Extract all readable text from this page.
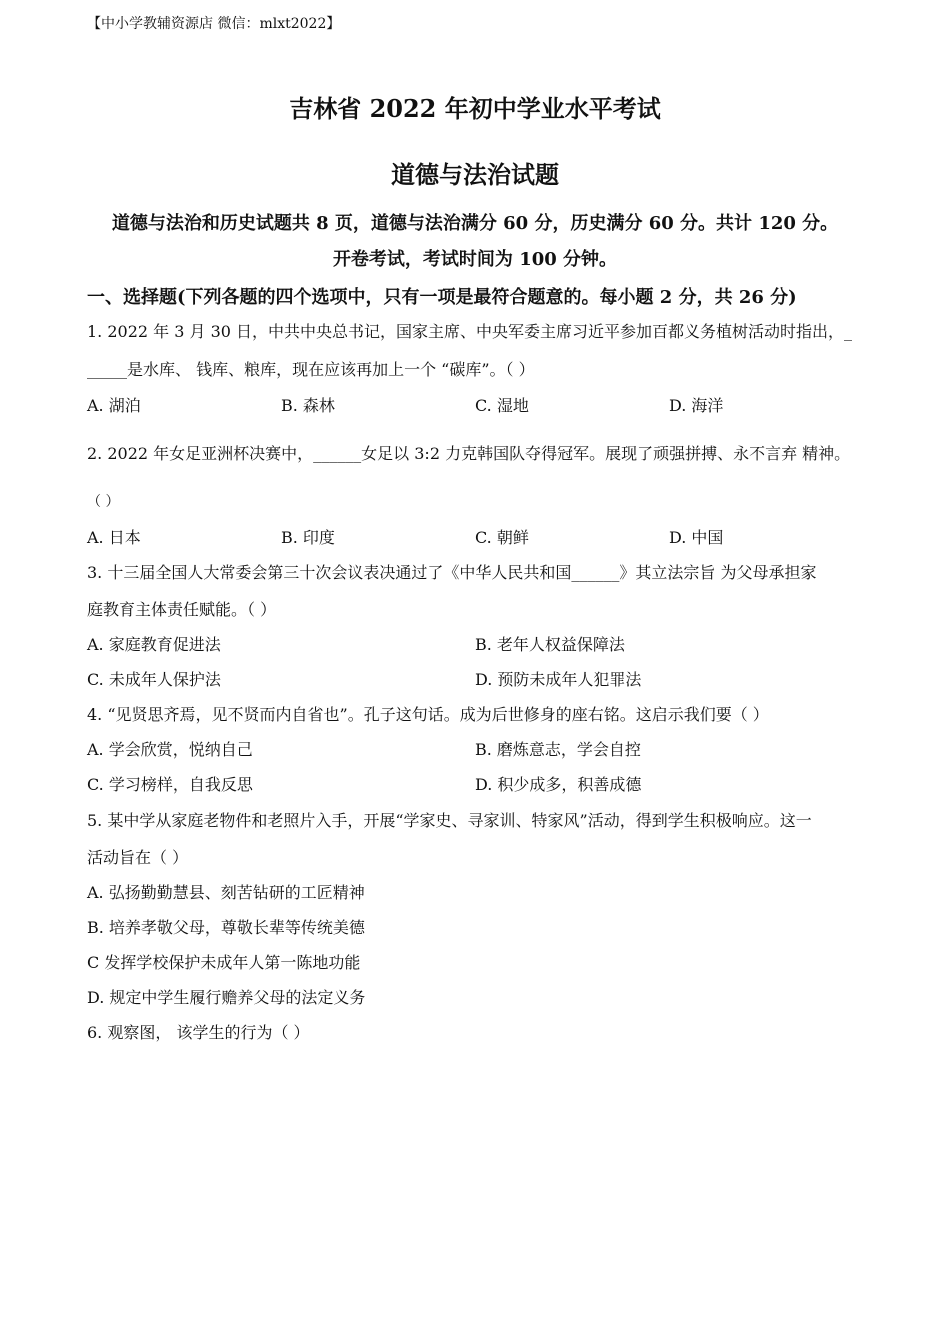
【中小学教辅资源店 微信：mlxt2022】
吉林省 2022 年初中学业水平考试
道德与法治试题
道德与法治和历史试题共 8 页，道德与法治满分 60 分，历史满分 60 分。共计 120 分。
开卷考试，考试时间为 100 分钟。
一、选择题(下列各题的四个选项中，只有一项是最符合题意的。每小题 2 分，共 26 分)
1. 2022 年 3 月 30 日，中共中央总书记，国家主席、中央军委主席习近平参加百都义务植树活动时指出，_
_____是水库、 钱库、粮库，现在应该再加上一个 “碳库”。（ ）
A. 湖泊	B. 森林	C. 湿地	D. 海洋
2. 2022 年女足亚洲杯决赛中，______女足以 3:2 力克韩国队夺得冠军。展现了顽强拼搏、永不言弃 精神。
（ ）
A. 日本	B. 印度	C. 朝鲜	D. 中国
3. 十三届全国人大常委会第三十次会议表决通过了《中华人民共和国______》其立法宗旨 为父母承担家
庭教育主体责任赋能。（ ）
A. 家庭教育促进法	B. 老年人权益保障法
C. 未成年人保护法	D. 预防未成年人犯罪法
4. “见贤思齐焉，见不贤而内自省也”。孔子这句话。成为后世修身的座右铭。这启示我们要（ ）
A. 学会欣赏，悦纳自己	B. 磨炼意志，学会自控
C. 学习榜样，自我反思	D. 积少成多，积善成德
5. 某中学从家庭老物件和老照片入手，开展“学家史、寻家训、特家风”活动，得到学生积极响应。这一
活动旨在（ ）
A. 弘扬勤勤慧县、刻苦钻研的工匠精神
B. 培养孝敬父母，尊敬长辈等传统美德
C 发挥学校保护未成年人第一陈地功能
D. 规定中学生履行赡养父母的法定义务
6. 观察图， 该学生的行为（ ）
